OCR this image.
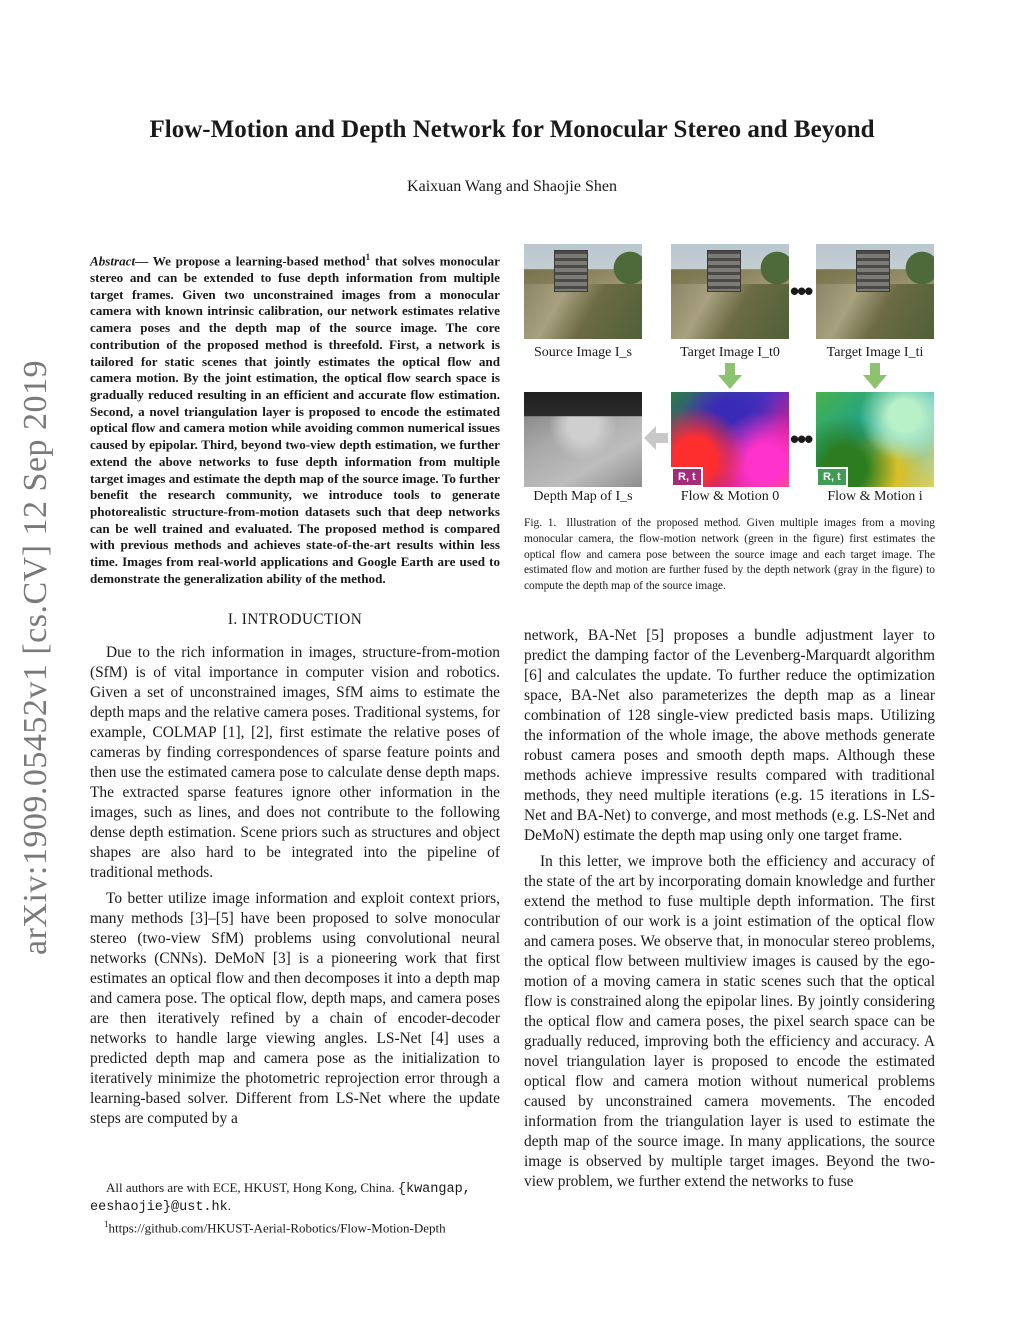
arXiv:1909.05452v1 [cs.CV] 12 Sep 2019
Flow-Motion and Depth Network for Monocular Stereo and Beyond
Kaixuan Wang and Shaojie Shen

Abstract— We propose a learning-based method$^1$ that solves monocular stereo and can be extended to fuse depth information from multiple target frames. Given two unconstrained images from a monocular camera with known intrinsic calibration, our network estimates relative camera poses and the depth map of the source image. The core contribution of the proposed method is threefold. First, a network is tailored for static scenes that jointly estimates the optical flow and camera motion. By the joint estimation, the optical flow search space is gradually reduced resulting in an efficient and accurate flow estimation. Second, a novel triangulation layer is proposed to encode the estimated optical flow and camera motion while avoiding common numerical issues caused by epipolar. Third, beyond two-view depth estimation, we further extend the above networks to fuse depth information from multiple target images and estimate the depth map of the source image. To further benefit the research community, we introduce tools to generate photorealistic structure-from-motion datasets such that deep networks can be well trained and evaluated. The proposed method is compared with previous methods and achieves state-of-the-art results within less time. Images from real-world applications and Google Earth are used to demonstrate the generalization ability of the method.

I. INTRODUCTION

Due to the rich information in images, structure-from-motion (SfM) is of vital importance in computer vision and robotics. Given a set of unconstrained images, SfM aims to estimate the depth maps and the relative camera poses. Traditional systems, for example, COLMAP [1], [2], first estimate the relative poses of cameras by finding correspondences of sparse feature points and then use the estimated camera pose to calculate dense depth maps. The extracted sparse features ignore other information in the images, such as lines, and does not contribute to the following dense depth estimation. Scene priors such as structures and object shapes are also hard to be integrated into the pipeline of traditional methods.

To better utilize image information and exploit context priors, many methods [3]–[5] have been proposed to solve monocular stereo (two-view SfM) problems using convolutional neural networks (CNNs). DeMoN [3] is a pioneering work that first estimates an optical flow and then decomposes it into a depth map and camera pose. The optical flow, depth maps, and camera poses are then iteratively refined by a chain of encoder-decoder networks to handle large viewing angles. LS-Net [4] uses a predicted depth map and camera pose as the initialization to iteratively minimize the photometric reprojection error through a learning-based solver. Different from LS-Net where the update steps are computed by a

All authors are with ECE, HKUST, Hong Kong, China. {kwangap, eeshaojie}@ust.hk.

$^1$https://github.com/HKUST-Aerial-Robotics/Flow-Motion-Depth

•••
Source Image I_s	Target Image I_t0	Target Image I_ti
R, t
•••
R, t
Depth Map of I_s	Flow & Motion 0	Flow & Motion i

Fig. 1. Illustration of the proposed method. Given multiple images from a moving monocular camera, the flow-motion network (green in the figure) first estimates the optical flow and camera pose between the source image and each target image. The estimated flow and motion are further fused by the depth network (gray in the figure) to compute the depth map of the source image.

network, BA-Net [5] proposes a bundle adjustment layer to predict the damping factor of the Levenberg-Marquardt algorithm [6] and calculates the update. To further reduce the optimization space, BA-Net also parameterizes the depth map as a linear combination of 128 single-view predicted basis maps. Utilizing the information of the whole image, the above methods generate robust camera poses and smooth depth maps. Although these methods achieve impressive results compared with traditional methods, they need multiple iterations (e.g. 15 iterations in LS-Net and BA-Net) to converge, and most methods (e.g. LS-Net and DeMoN) estimate the depth map using only one target frame.

In this letter, we improve both the efficiency and accuracy of the state of the art by incorporating domain knowledge and further extend the method to fuse multiple depth information. The first contribution of our work is a joint estimation of the optical flow and camera poses. We observe that, in monocular stereo problems, the optical flow between multiview images is caused by the ego-motion of a moving camera in static scenes such that the optical flow is constrained along the epipolar lines. By jointly considering the optical flow and camera poses, the pixel search space can be gradually reduced, improving both the efficiency and accuracy. A novel triangulation layer is proposed to encode the estimated optical flow and camera motion without numerical problems caused by unconstrained camera movements. The encoded information from the triangulation layer is used to estimate the depth map of the source image. In many applications, the source image is observed by multiple target images. Beyond the two-view problem, we further extend the networks to fuse
